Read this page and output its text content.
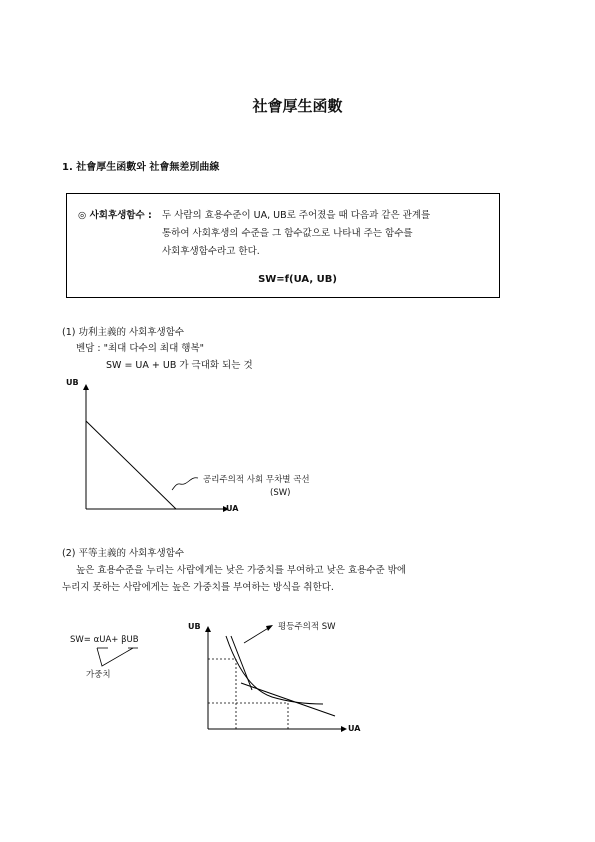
社會厚生函數
1. 社會厚生函數와 社會無差別曲線
◎ 사회후생함수 : 두 사람의 효용수준이 UA, UB로 주어졌을 때 다음과 같은 관계를
통하여 사회후생의 수준을 그 함수값으로 나타내 주는 함수를
사회후생함수라고 한다.
SW=f(UA, UB)
(1) 功利主義的 사회후생함수
벤담 : "최대 다수의 최대 행복"
SW = UA + UB 가 극대화 되는 것
UB
UA
공리주의적 사회 무차별 곡선
(SW)
(2) 平等主義的 사회후생함수
높은 효용수준을 누리는 사람에게는 낮은 가중치를 부여하고 낮은 효용수준 밖에
누리지 못하는 사람에게는 높은 가중치를 부여하는 방식을 취한다.
SW= αUA+ βUB
가중치
UB
UA
평등주의적 SW
